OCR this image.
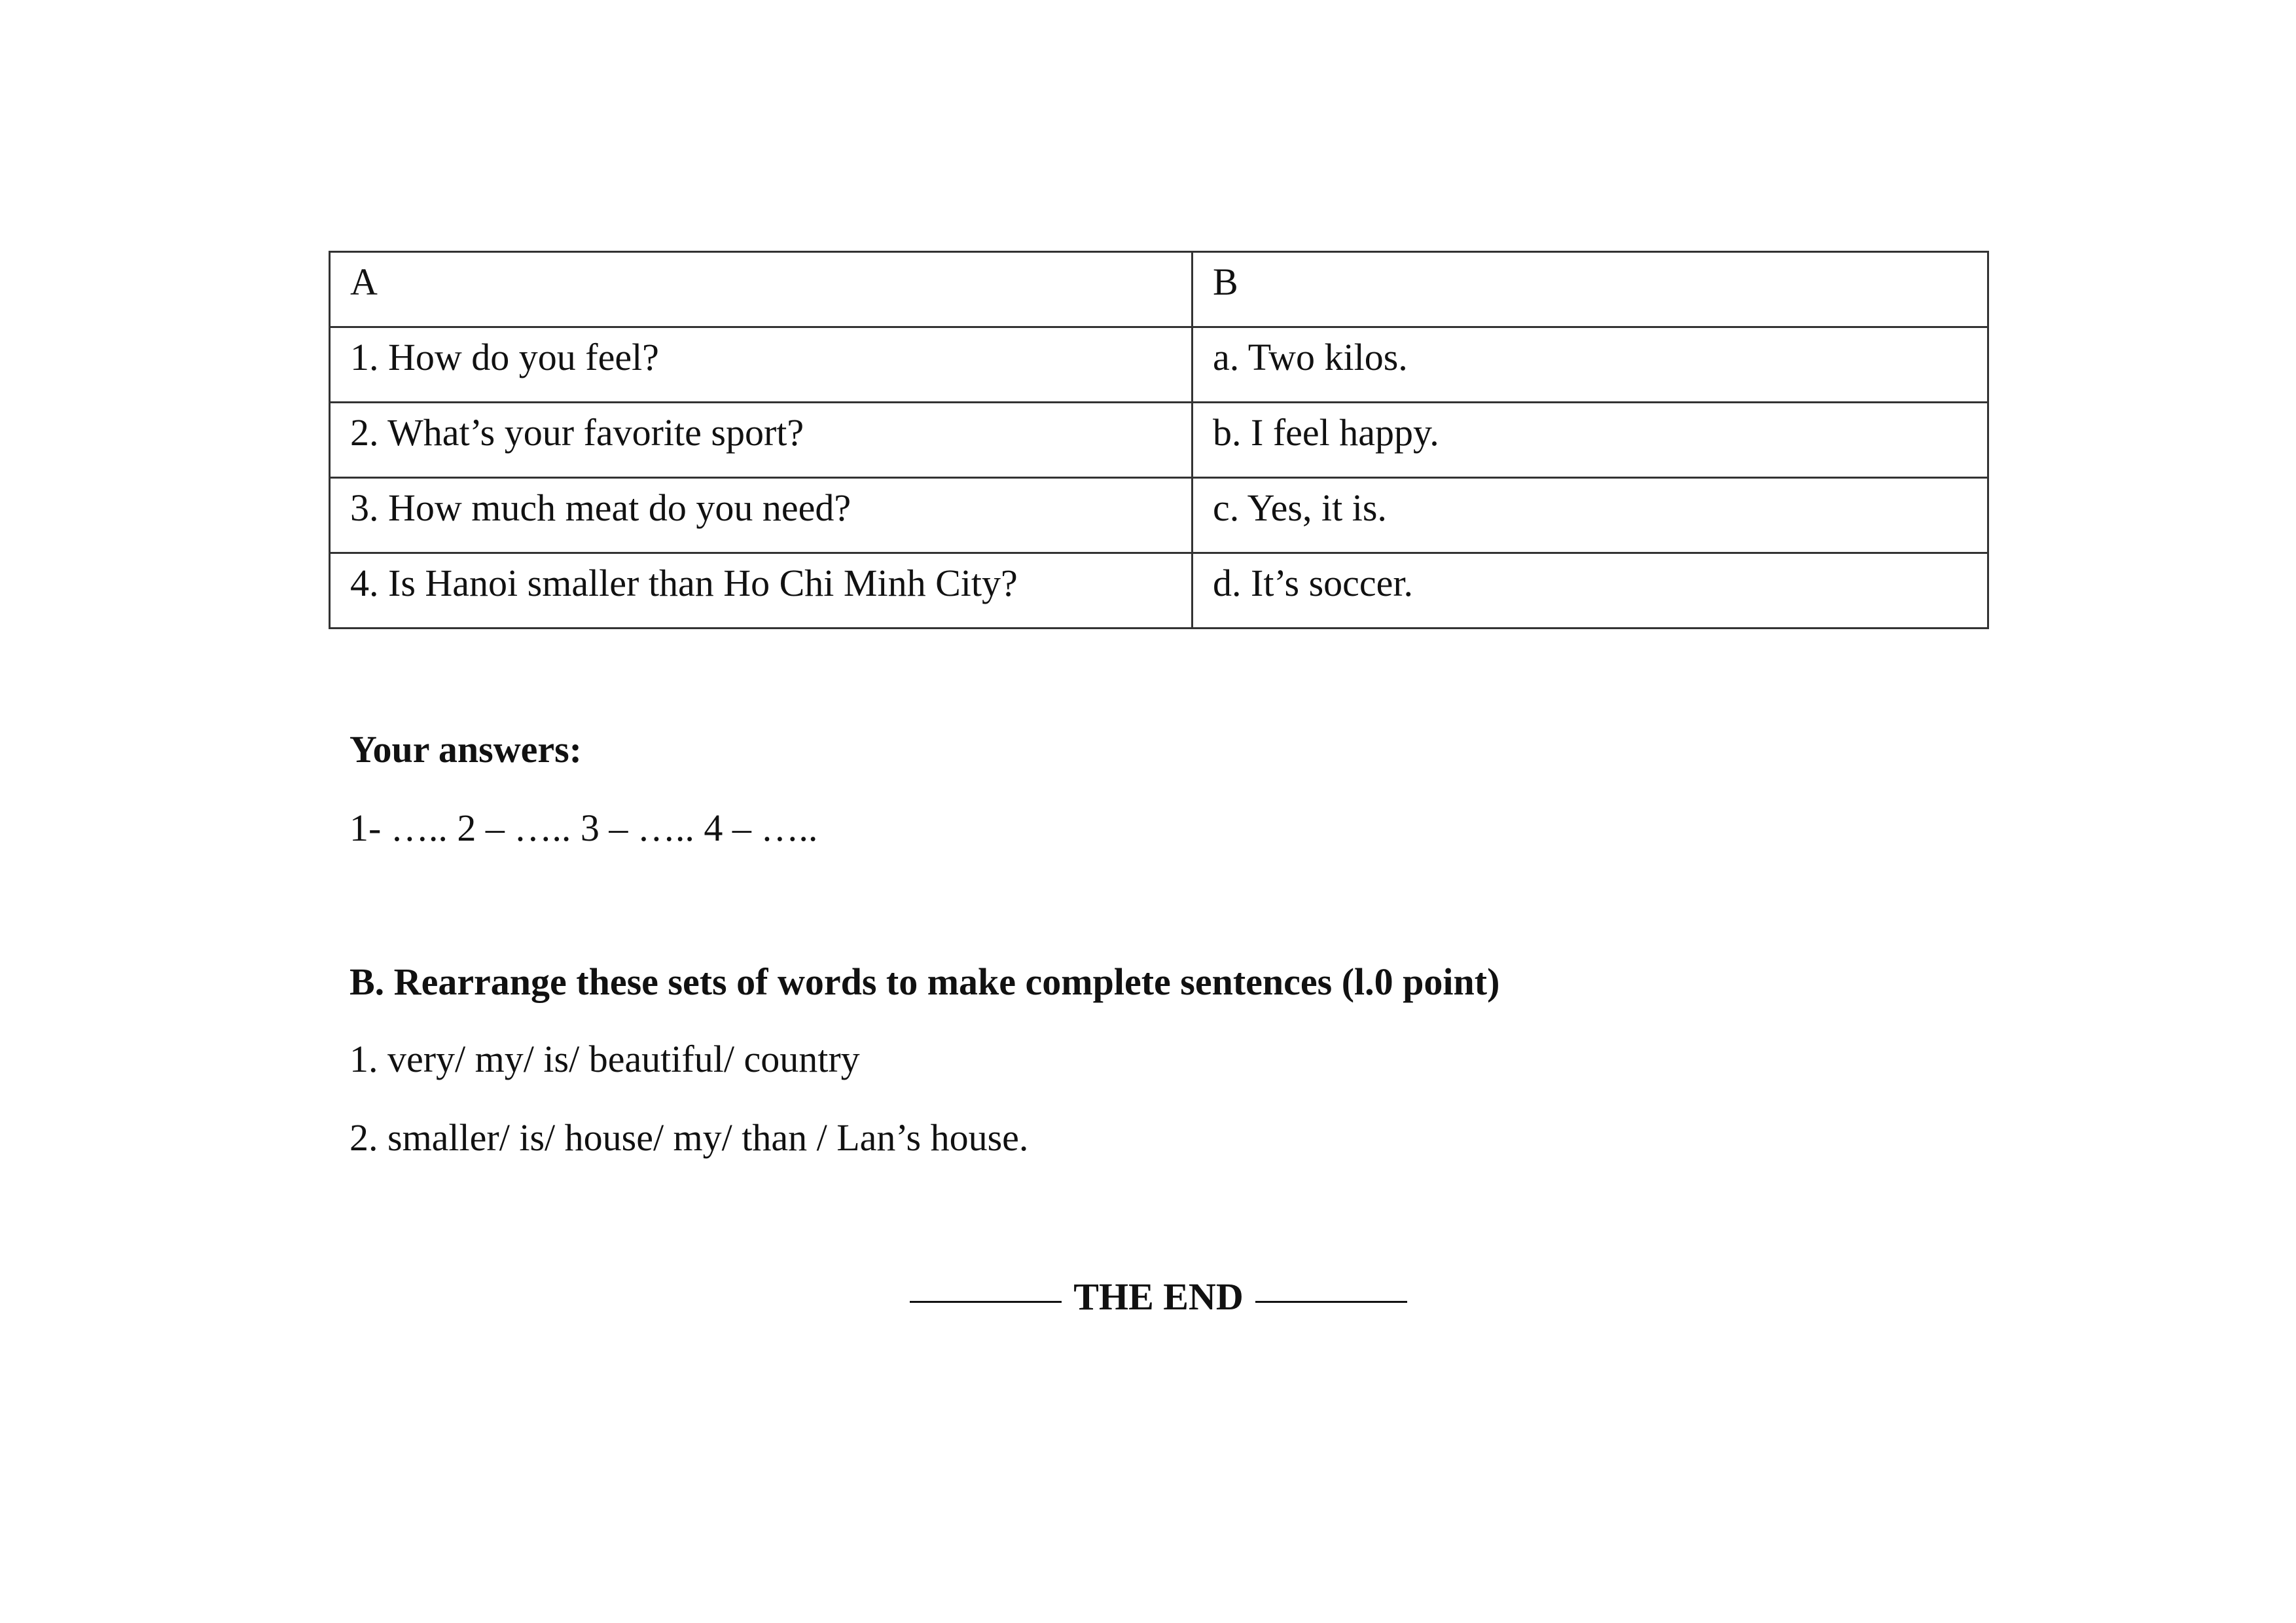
A	B
1. How do you feel?	a. Two kilos.
2. What’s your favorite sport?	b. I feel happy.
3. How much meat do you need?	c. Yes, it is.
4. Is Hanoi smaller than Ho Chi Minh City?	d. It’s soccer.
Your answers:
1- ….. 2 – ….. 3 – ….. 4 – …..
B. Rearrange these sets of words to make complete sentences (l.0 point)
1. very/ my/ is/ beautiful/ country
2. smaller/ is/ house/ my/ than / Lan’s house.
THE END
